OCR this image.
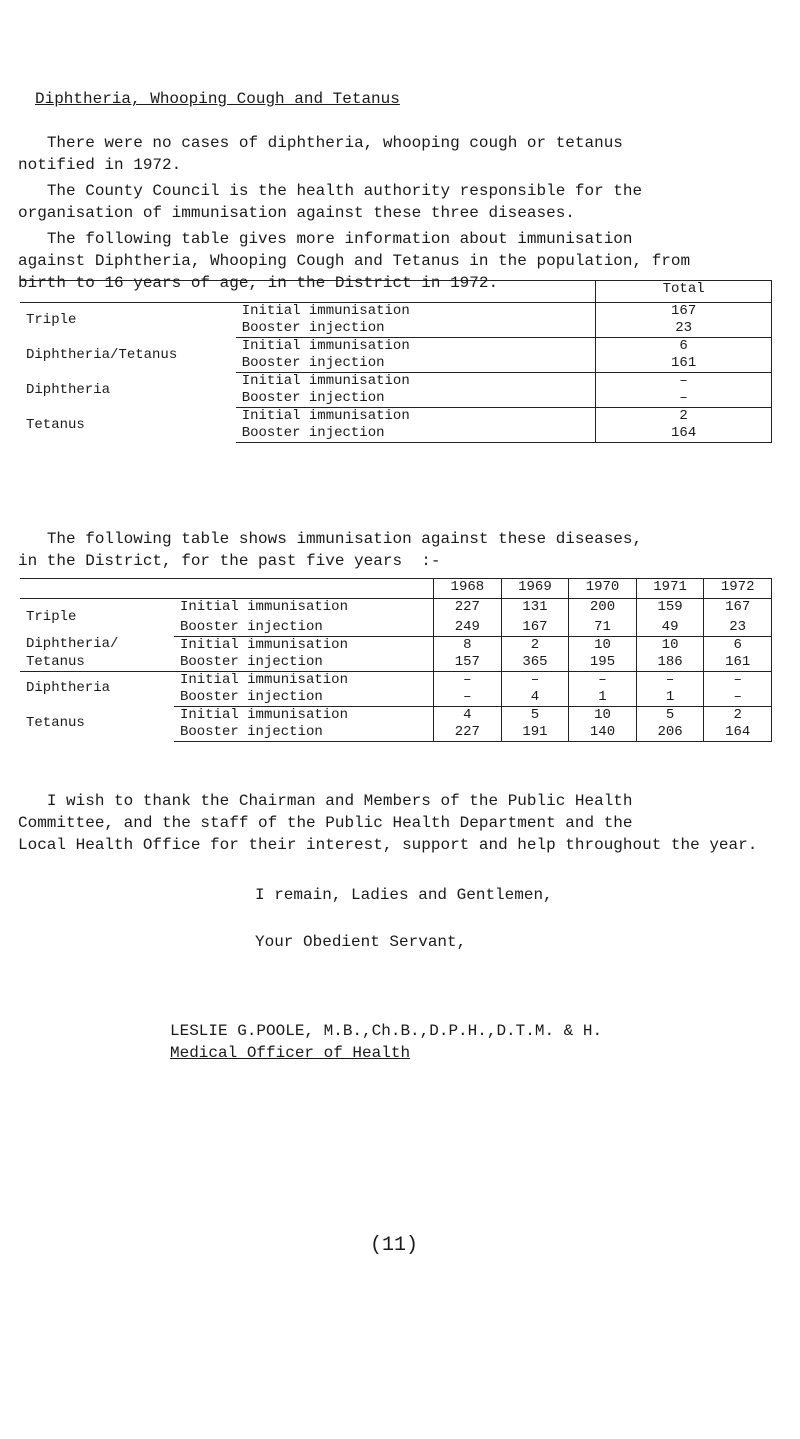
Diphtheria, Whooping Cough and Tetanus
There were no cases of diphtheria, whooping cough or tetanus
notified in 1972.
The County Council is the health authority responsible for the
organisation of immunisation against these three diseases.
The following table gives more information about immunisation
against Diphtheria, Whooping Cough and Tetanus in the population, from
birth to 16 years of age, in the District in 1972.
		Total
Triple	Initial immunisation	167
	Booster injection	23
Diphtheria/Tetanus	Initial immunisation	6
	Booster injection	161
Diphtheria	Initial immunisation	–
	Booster injection	–
Tetanus	Initial immunisation	2
	Booster injection	164
The following table shows immunisation against these diseases,
in the District, for the past five years  :-
		1968	1969	1970	1971	1972
Triple	Initial immunisation	227	131	200	159	167
	Booster injection	249	167	71	49	23
Diphtheria/	Initial immunisation	8	2	10	10	6
Tetanus	Booster injection	157	365	195	186	161
Diphtheria	Initial immunisation	–	–	–	–	–
	Booster injection	–	4	1	1	–
Tetanus	Initial immunisation	4	5	10	5	2
	Booster injection	227	191	140	206	164
I wish to thank the Chairman and Members of the Public Health
Committee, and the staff of the Public Health Department and the
Local Health Office for their interest, support and help throughout the year.
I remain, Ladies and Gentlemen,
Your Obedient Servant,
LESLIE G.POOLE, M.B.,Ch.B.,D.P.H.,D.T.M. & H.
Medical Officer of Health
(11)
